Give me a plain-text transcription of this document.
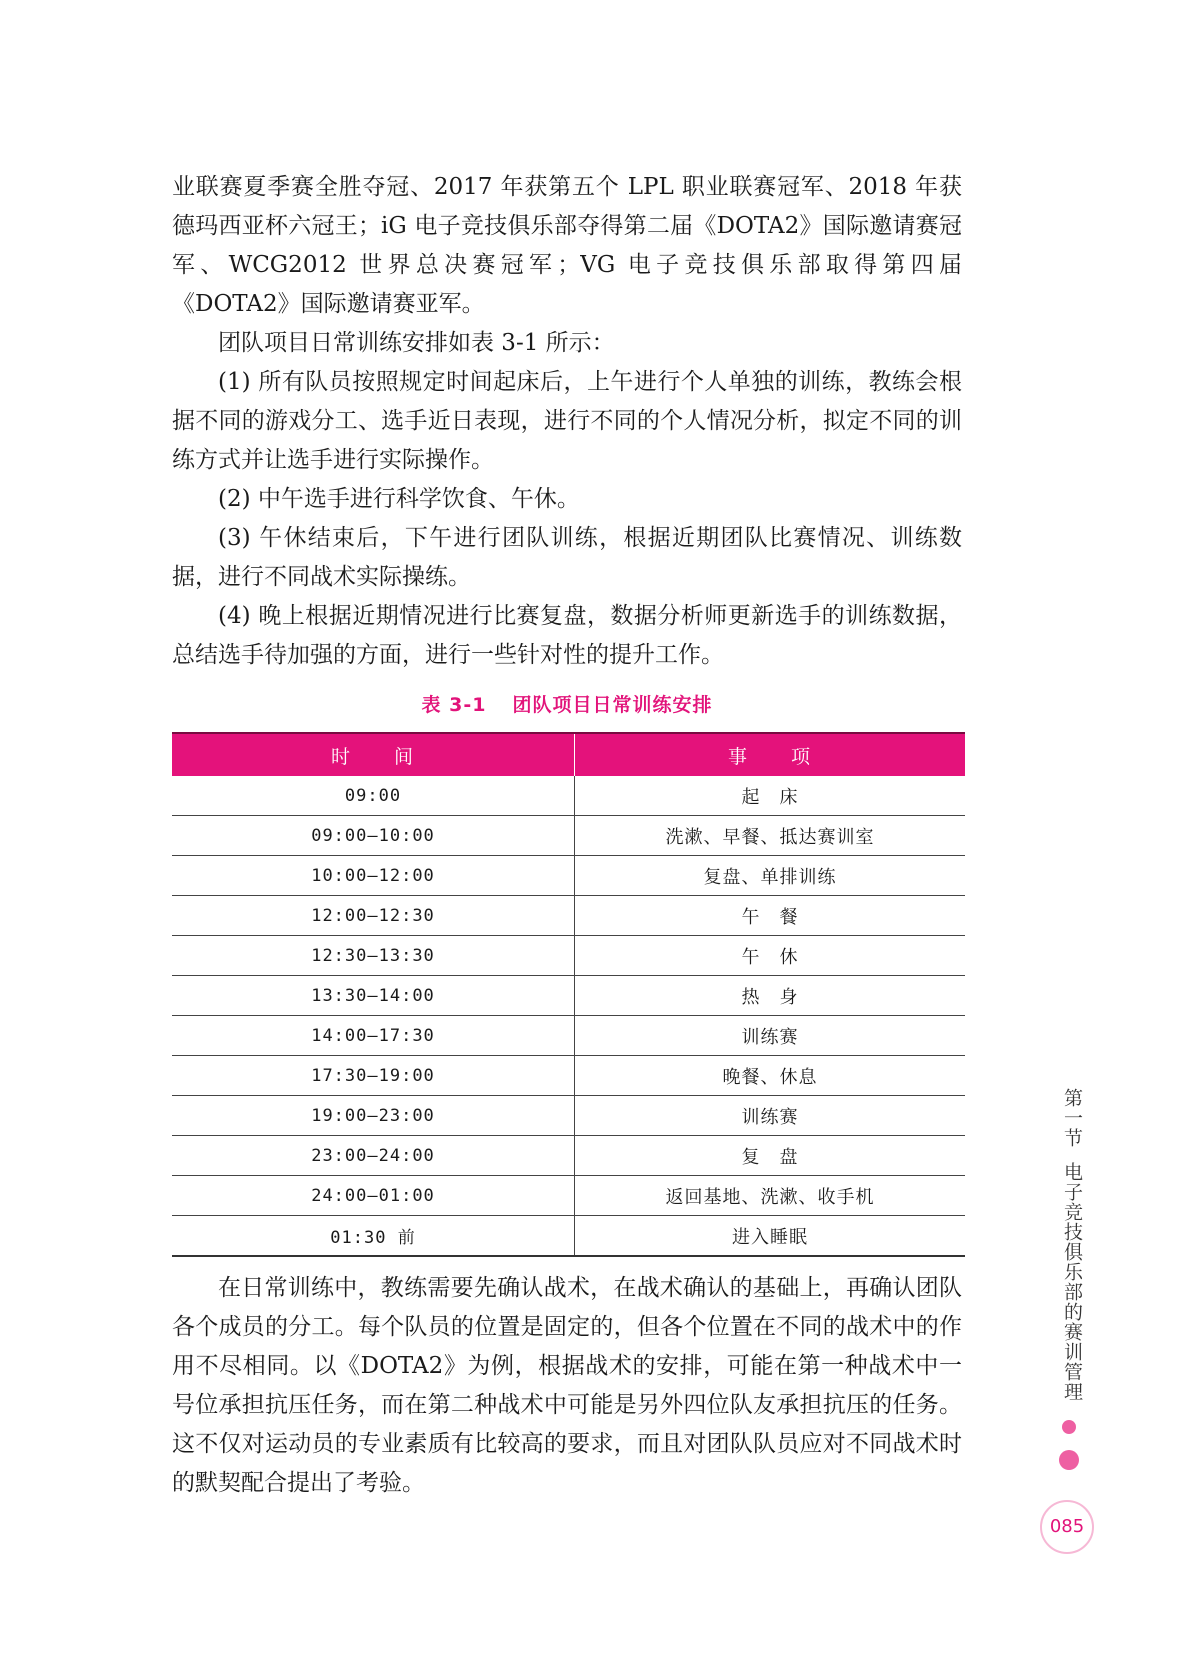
业联赛夏季赛全胜夺冠、2017 年获第五个 LPL 职业联赛冠军、2018 年获德玛西亚杯六冠王；iG 电子竞技俱乐部夺得第二届《DOTA2》国际邀请赛冠军、WCG2012 世界总决赛冠军；VG 电子竞技俱乐部取得第四届《DOTA2》国际邀请赛亚军。

团队项目日常训练安排如表 3-1 所示：

(1) 所有队员按照规定时间起床后，上午进行个人单独的训练，教练会根据不同的游戏分工、选手近日表现，进行不同的个人情况分析，拟定不同的训练方式并让选手进行实际操作。

(2) 中午选手进行科学饮食、午休。

(3) 午休结束后，下午进行团队训练，根据近期团队比赛情况、训练数据，进行不同战术实际操练。

(4) 晚上根据近期情况进行比赛复盘，数据分析师更新选手的训练数据，总结选手待加强的方面，进行一些针对性的提升工作。

表 3-1 团队项目日常训练安排
时　　间	事　　项
09:00	起　床
09:00—10:00	洗漱、早餐、抵达赛训室
10:00—12:00	复盘、单排训练
12:00—12:30	午　餐
12:30—13:30	午　休
13:30—14:00	热　身
14:00—17:30	训练赛
17:30—19:00	晚餐、休息
19:00—23:00	训练赛
23:00—24:00	复　盘
24:00—01:00	返回基地、洗漱、收手机
01:30 前	进入睡眠

在日常训练中，教练需要先确认战术，在战术确认的基础上，再确认团队各个成员的分工。每个队员的位置是固定的，但各个位置在不同的战术中的作用不尽相同。以《DOTA2》为例，根据战术的安排，可能在第一种战术中一号位承担抗压任务，而在第二种战术中可能是另外四位队友承担抗压的任务。这不仅对运动员的专业素质有比较高的要求，而且对团队队员应对不同战术时的默契配合提出了考验。

第一节电子竞技俱乐部的赛训管理
085
